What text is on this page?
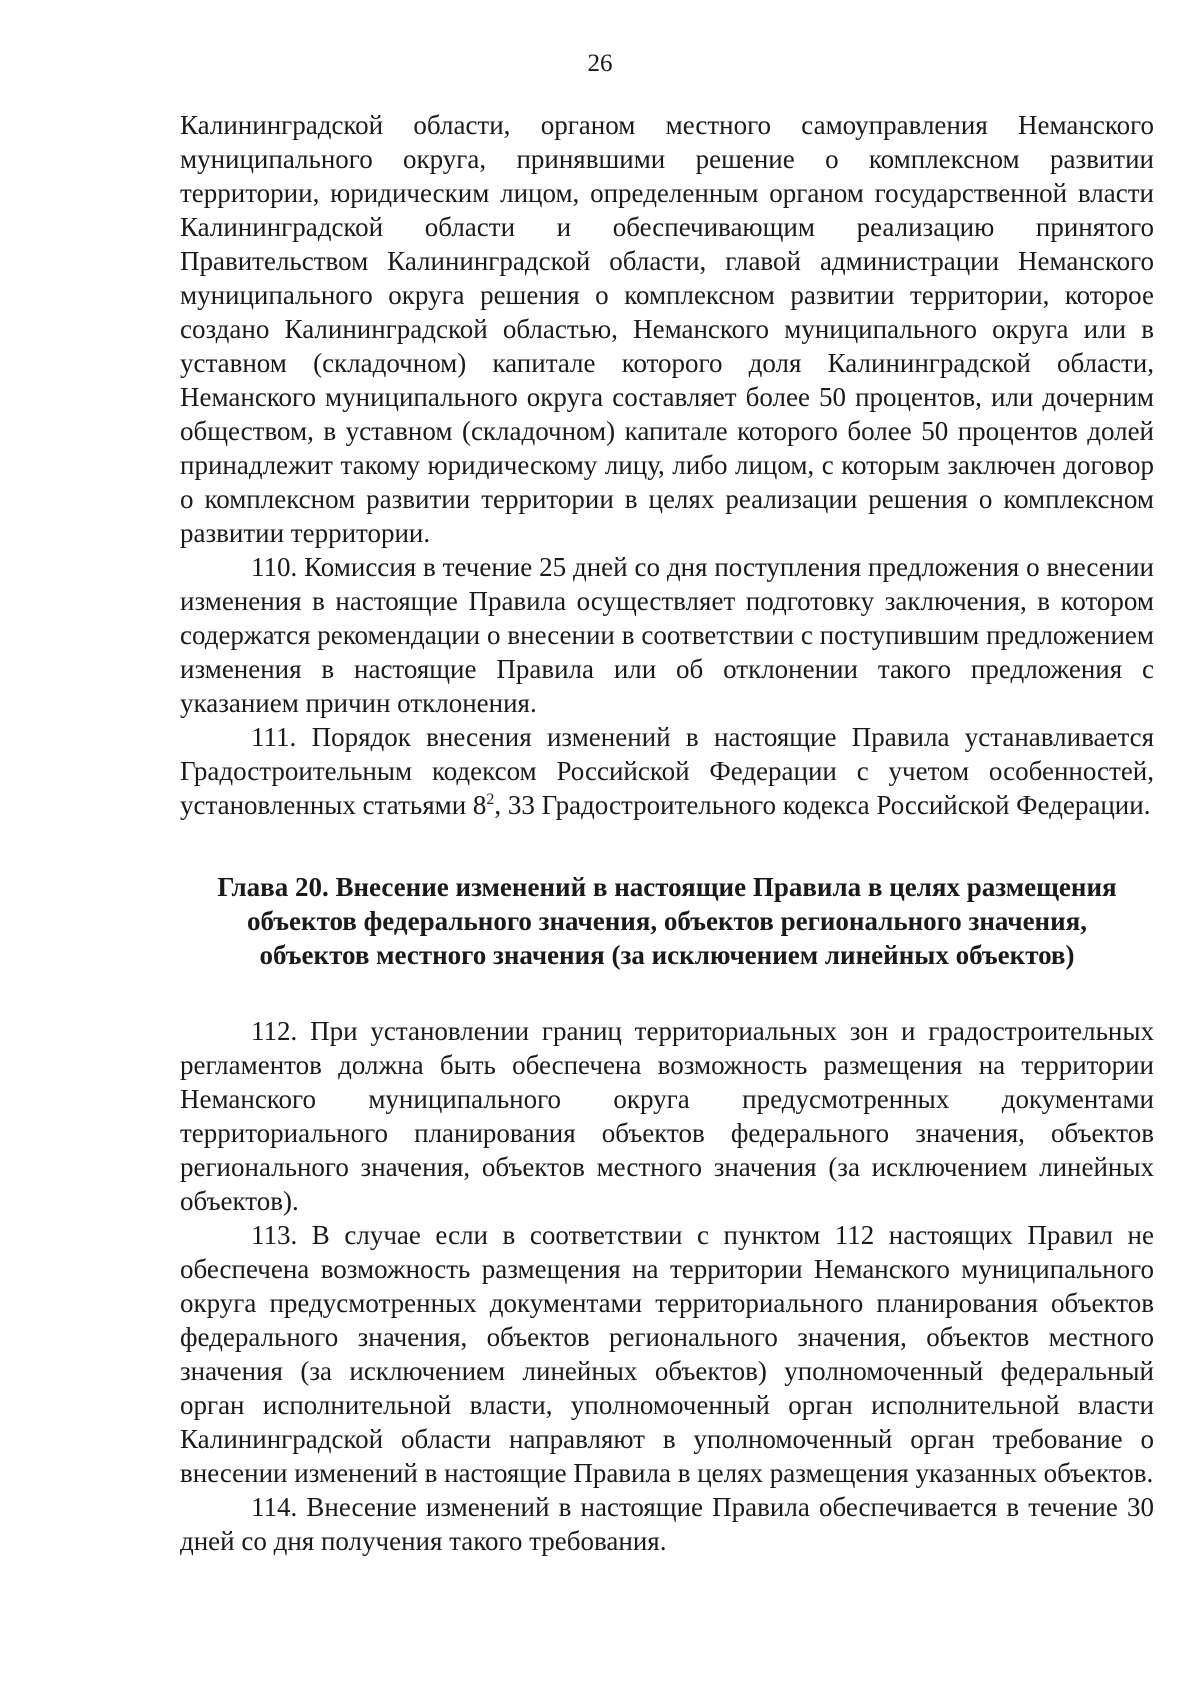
26

Калининградской области, органом местного самоуправления Неманского муниципального округа, принявшими решение о комплексном развитии территории, юридическим лицом, определенным органом государственной власти Калининградской области и обеспечивающим реализацию принятого Правительством Калининградской области, главой администрации Неманского муниципального округа решения о комплексном развитии территории, которое создано Калининградской областью, Неманского муниципального округа или в уставном (складочном) капитале которого доля Калининградской области, Неманского муниципального округа составляет более 50 процентов, или дочерним обществом, в уставном (складочном) капитале которого более 50 процентов долей принадлежит такому юридическому лицу, либо лицом, с которым заключен договор о комплексном развитии территории в целях реализации решения о комплексном развитии территории.

110. Комиссия в течение 25 дней со дня поступления предложения о внесении изменения в настоящие Правила осуществляет подготовку заключения, в котором содержатся рекомендации о внесении в соответствии с поступившим предложением изменения в настоящие Правила или об отклонении такого предложения с указанием причин отклонения.

111. Порядок внесения изменений в настоящие Правила устанавливается Градостроительным кодексом Российской Федерации с учетом особенностей, установленных статьями $8^2$, 33 Градостроительного кодекса Российской Федерации.

Глава 20. Внесение изменений в настоящие Правила в целях размещения объектов федерального значения, объектов регионального значения, объектов местного значения (за исключением линейных объектов)

112. При установлении границ территориальных зон и градостроительных регламентов должна быть обеспечена возможность размещения на территории Неманского муниципального округа предусмотренных документами территориального планирования объектов федерального значения, объектов регионального значения, объектов местного значения (за исключением линейных объектов).

113. В случае если в соответствии с пунктом 112 настоящих Правил не обеспечена возможность размещения на территории Неманского муниципального округа предусмотренных документами территориального планирования объектов федерального значения, объектов регионального значения, объектов местного значения (за исключением линейных объектов) уполномоченный федеральный орган исполнительной власти, уполномоченный орган исполнительной власти Калининградской области направляют в уполномоченный орган требование о внесении изменений в настоящие Правила в целях размещения указанных объектов.

114. Внесение изменений в настоящие Правила обеспечивается в течение 30 дней со дня получения такого требования.
